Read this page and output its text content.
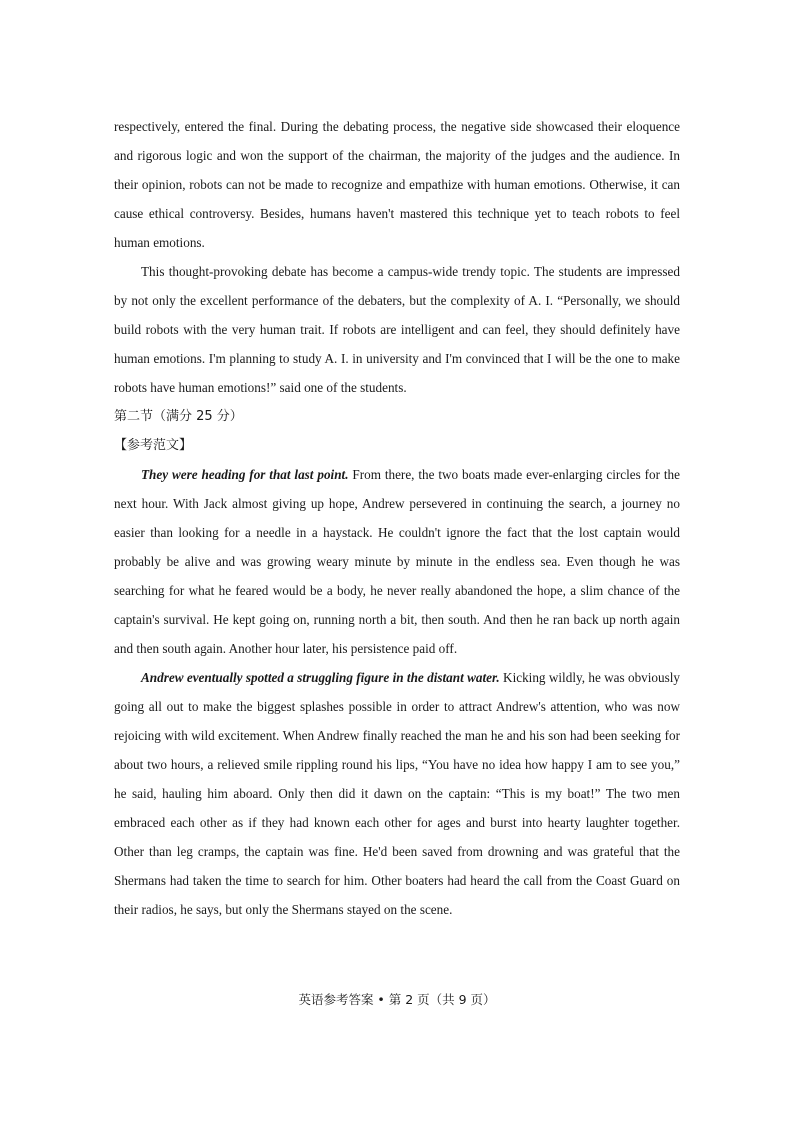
respectively, entered the final. During the debating process, the negative side showcased their eloquence and rigorous logic and won the support of the chairman, the majority of the judges and the audience. In their opinion, robots can not be made to recognize and empathize with human emotions. Otherwise, it can cause ethical controversy. Besides, humans haven't mastered this technique yet to teach robots to feel human emotions.

This thought-provoking debate has become a campus-wide trendy topic. The students are impressed by not only the excellent performance of the debaters, but the complexity of A. I. “Personally, we should build robots with the very human trait. If robots are intelligent and can feel, they should definitely have human emotions. I'm planning to study A. I. in university and I'm convinced that I will be the one to make robots have human emotions!” said one of the students.

第二节（满分 25 分）

【参考范文】

They were heading for that last point. From there, the two boats made ever-enlarging circles for the next hour. With Jack almost giving up hope, Andrew persevered in continuing the search, a journey no easier than looking for a needle in a haystack. He couldn't ignore the fact that the lost captain would probably be alive and was growing weary minute by minute in the endless sea. Even though he was searching for what he feared would be a body, he never really abandoned the hope, a slim chance of the captain's survival. He kept going on, running north a bit, then south. And then he ran back up north again and then south again. Another hour later, his persistence paid off.

Andrew eventually spotted a struggling figure in the distant water. Kicking wildly, he was obviously going all out to make the biggest splashes possible in order to attract Andrew's attention, who was now rejoicing with wild excitement. When Andrew finally reached the man he and his son had been seeking for about two hours, a relieved smile rippling round his lips, “You have no idea how happy I am to see you,” he said, hauling him aboard. Only then did it dawn on the captain: “This is my boat!” The two men embraced each other as if they had known each other for ages and burst into hearty laughter together. Other than leg cramps, the captain was fine. He'd been saved from drowning and was grateful that the Shermans had taken the time to search for him. Other boaters had heard the call from the Coast Guard on their radios, he says, but only the Shermans stayed on the scene.

英语参考答案 • 第 2 页（共 9 页）
